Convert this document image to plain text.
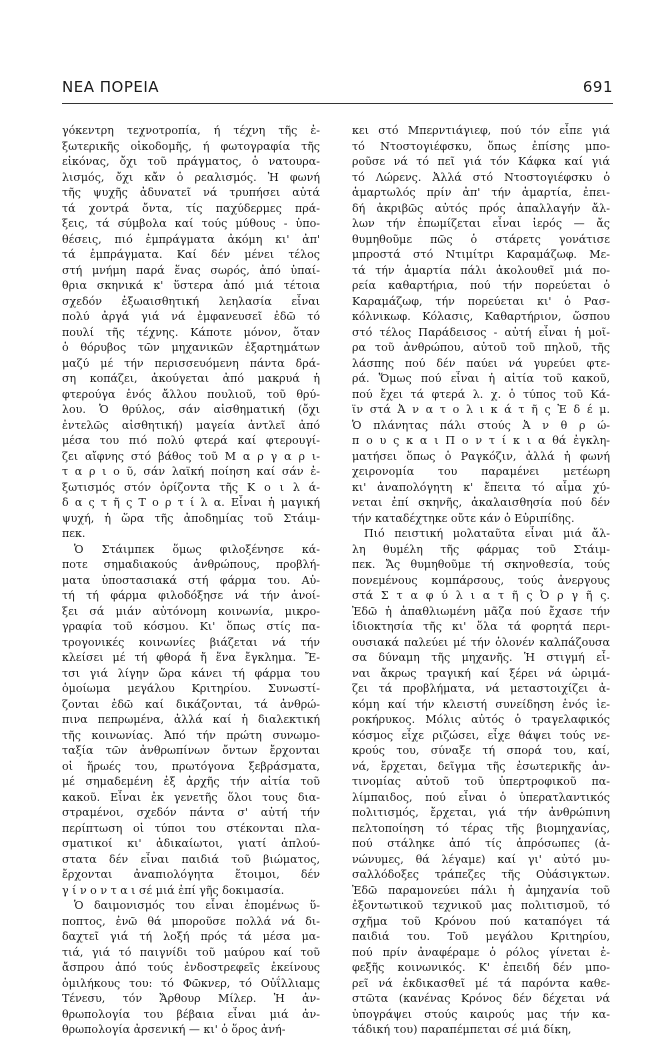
ΝΕΑ ΠΟΡΕΙΑ	691
γόκεντρη τεχνοτροπία, ή τέχνη τῆς ἐ-
ξωτερικῆς οἰκοδομῆς, ή φωτογραφία τῆς
εἰκόνας, ὄχι τοῦ πράγματος, ὁ νατουρα-
λισμός, ὄχι κἄν ὁ ρεαλισμός. Ἡ φωνή
τῆς ψυχῆς ἀδυνατεῖ νά τρυπήσει αὐτά
τά χοντρά ὄντα, τίς παχύδερμες πρά-
ξεις, τά σύμβολα καί τούς μύθους - ὑπο-
θέσεις, πιό ἐμπράγματα ἀκόμη κι' ἀπ'
τά ἐμπράγματα. Καί δέν μένει τέλος
στή μνήμη παρά ἕνας σωρός, ἀπό ὑπαί-
θρια σκηνικά κ' ὕστερα ἀπό μιά τέτοια
σχεδόν ἐξωαισθητική λεηλασία εἶναι
πολύ ἀργά γιά νά ἐμφανευσεῖ ἐδῶ τό
πουλί τῆς τέχνης. Κάποτε μόνον, ὅταν
ὁ θόρυβος τῶν μηχανικῶν ἐξαρτημάτων
μαζύ μέ τήν περισσευόμενη πάντα δρά-
ση κοπάζει, ἀκούγεται ἀπό μακρυά ἡ
φτερούγα ἑνός ἄλλου πουλιοῦ, τοῦ θρύ-
λου. Ὁ θρύλος, σάν αἰσθηματική (ὄχι
ἐντελῶς αἰσθητική) μαγεία ἀντλεῖ ἀπό
μέσα του πιό πολύ φτερά καί φτερουγί-
ζει αἴφνης στό βάθος τοῦ Μ α ρ γ α ρ ι-
τ α ρ ι ο ῦ, σάν λαϊκή ποίηση καί σάν ἐ-
ξωτισμός στόν ὁρίζοντα τῆς Κ ο ι λ ά-
δ α ς τ ῆ ς Τ ο ρ τ ί λ α. Εἶναι ἡ μαγική
ψυχή, ἡ ὥρα τῆς ἀποδημίας τοῦ Στάιμ-
πεκ.
Ὁ Στάιμπεκ ὅμως φιλοξένησε κά-
ποτε σημαδιακούς ἀνθρώπους, προβλή-
ματα ὑποστασιακά στή φάρμα του. Αὐ-
τή τή φάρμα φιλοδόξησε νά τήν ἀνοί-
ξει σά μιάν αὐτόνομη κοινωνία, μικρο-
γραφία τοῦ κόσμου. Κι' ὅπως στίς πα-
τρογονικές κοινωνίες βιάζεται νά τήν
κλείσει μέ τή φθορά ἤ ἕνα ἔγκλημα. Ἔ-
τσι γιά λίγην ὥρα κάνει τή φάρμα του
ὁμοίωμα μεγάλου Κριτηρίου. Συνωστί-
ζονται ἐδῶ καί δικάζονται, τά ἀνθρώ-
πινα πεπρωμένα, ἀλλά καί ἡ διαλεκτική
τῆς κοινωνίας. Ἀπό τήν πρώτη συνωμο-
ταξία τῶν ἀνθρωπίνων ὄντων ἔρχονται
οἱ ἥρωές του, πρωτόγονα ξεβράσματα,
μέ σημαδεμένη ἐξ ἀρχῆς τήν αἰτία τοῦ
κακοῦ. Εἶναι ἐκ γενετῆς ὅλοι τους δια-
στραμένοι, σχεδόν πάντα σ' αὐτή τήν
περίπτωση οἱ τύποι του στέκονται πλα-
σματικοί κι' ἀδικαίωτοι, γιατί ἁπλού-
στατα δέν εἶναι παιδιά τοῦ βιώματος,
ἔρχονται ἀναπιολόγητα ἕτοιμοι, δέν
γ ί ν ο ν τ α ι σέ μιά ἐπί γῆς δοκιμασία.
Ὁ δαιμονισμός του εἶναι ἑπομένως ὕ-
ποπτος, ἐνῶ θά μποροῦσε πολλά νά δι-
δαχτεῖ γιά τή λοξή πρός τά μέσα μα-
τιά, γιά τό παιγνίδι τοῦ μαύρου καί τοῦ
ἄσπρου ἀπό τούς ἐνδοστρεφεῖς ἐκείνους
ὁμιλήκους του: τό Φῶκνερ, τό Οὐΐλλιαμς
Τένεσυ, τόν Ἄρθουρ Μίλερ. Ἡ ἀν-
θρωπολογία του βέβαια εἶναι μιά ἀν-
θρωπολογία ἀρσενική — κι' ὁ ὅρος ἀνή-
κει στό Μπερντιάγιεφ, πού τόν εἶπε γιά
τό Ντοστογιέφσκυ, ὅπως ἐπίσης μπο-
ροῦσε νά τό πεῖ γιά τόν Κάφκα καί γιά
τό Λώρενς. Ἀλλά στό Ντοστογιέφσκυ ὁ
ἁμαρτωλός πρίν ἀπ' τήν ἁμαρτία, ἐπει-
δή ἀκριβῶς αὐτός πρός ἀπαλλαγήν ἄλ-
λων τήν ἐπωμίζεται εἶναι ἱερός — ἄς
θυμηθοῦμε πῶς ὁ στάρετς γονάτισε
μπροστά στό Ντιμίτρι Καραμάζωφ. Με-
τά τήν ἁμαρτία πάλι ἀκολουθεῖ μιά πο-
ρεία καθαρτήρια, πού τήν πορεύεται ὁ
Καραμάζωφ, τήν πορεύεται κι' ὁ Ρασ-
κόλνικωφ. Κόλασις, Καθαρτήριον, ὥσπου
στό τέλος Παράδεισος - αὐτή εἶναι ἡ μοῖ-
ρα τοῦ ἀνθρώπου, αὐτοῦ τοῦ πηλοῦ, τῆς
λάσπης πού δέν παύει νά γυρεύει φτε-
ρά. Ὅμως πού εἶναι ἡ αἰτία τοῦ κακοῦ,
πού ἔχει τά φτερά λ. χ. ὁ τύπος τοῦ Κά-
ϊν στά Ἀ ν α τ ο λ ι κ ά τ ῆ ς Ἐ δ έ μ.
Ὁ πλάνητας πάλι στούς Ἀ ν θ ρ ώ-
π ο υ ς κ α ι Π ο ν τ ί κ ι α θά ἐγκλη-
ματήσει ὅπως ὁ Ραγκόζιν, ἀλλά ἡ φωνή
χειρονομία του παραμένει μετέωρη
κι' ἀναπολόγητη κ' ἔπειτα τό αἷμα χύ-
νεται ἐπί σκηνῆς, ἀκαλαισθησία πού δέν
τήν καταδέχτηκε οὔτε κάν ὁ Εὐριπίδης.
Πιό πειστική μολαταῦτα εἶναι μιά ἄλ-
λη θυμέλη τῆς φάρμας τοῦ Στάιμ-
πεκ. Ἄς θυμηθοῦμε τή σκηνοθεσία, τούς
πονεμένους κομπάρσους, τούς ἀνεργους
στά Σ τ α φ ύ λ ι α τ ῆ ς Ὀ ρ γ ῆ ς.
Ἐδῶ ἡ ἀπαθλιωμένη μᾶζα πού ἔχασε τήν
ἰδιοκτησία τῆς κι' ὅλα τά φορητά περι-
ουσιακά παλεύει μέ τήν ὁλονέν καλπάζουσα
σα δύναμη τῆς μηχανῆς. Ἡ στιγμή εἶ-
ναι ἄκρως τραγική καί ξέρει νά ὡριμά-
ζει τά προβλήματα, νά μεταστοιχίζει ἀ-
κόμη καί τήν κλειστή συνείδηση ἑνός ἰε-
ροκήρυκος. Μόλις αὐτός ὁ τραγελαφικός
κόσμος εἶχε ριζώσει, εἶχε θάψει τούς νε-
κρούς του, σύναξε τή σπορά του, καί,
νά, ἔρχεται, δεῖγμα τῆς ἐσωτερικῆς ἀν-
τινομίας αὐτοῦ τοῦ ὑπερτροφικοῦ πα-
λίμπαιδος, πού εἶναι ὁ ὑπερατλαντικός
πολιτισμός, ἔρχεται, γιά τήν ἀνθρώπινη
πελτοποίηση τό τέρας τῆς βιομηχανίας,
πού στάληκε ἀπό τίς ἀπρόσωπες (ἀ-
νώνυμες, θά λέγαμε) καί γι' αὐτό μυ-
σαλλόδοξες τράπεζες τῆς Οὐάσιγκτων.
Ἐδῶ παραμονεύει πάλι ἡ ἀμηχανία τοῦ
ἐξοντωτικοῦ τεχνικοῦ μας πολιτισμοῦ, τό
σχῆμα τοῦ Κρόνου πού καταπόγει τά
παιδιά του. Τοῦ μεγάλου Κριτηρίου,
πού πρίν ἀναφέραμε ὁ ρόλος γίνεται ἐ-
φεξῆς κοινωνικός. Κ' ἐπειδή δέν μπο-
ρεῖ νά ἐκδικασθεῖ μέ τά παρόντα καθε-
στῶτα (κανένας Κρόνος δέν δέχεται νά
ὑπογράψει στούς καιρούς μας τήν κα-
τάδική του) παραπέμπεται σέ μιά δίκη,
